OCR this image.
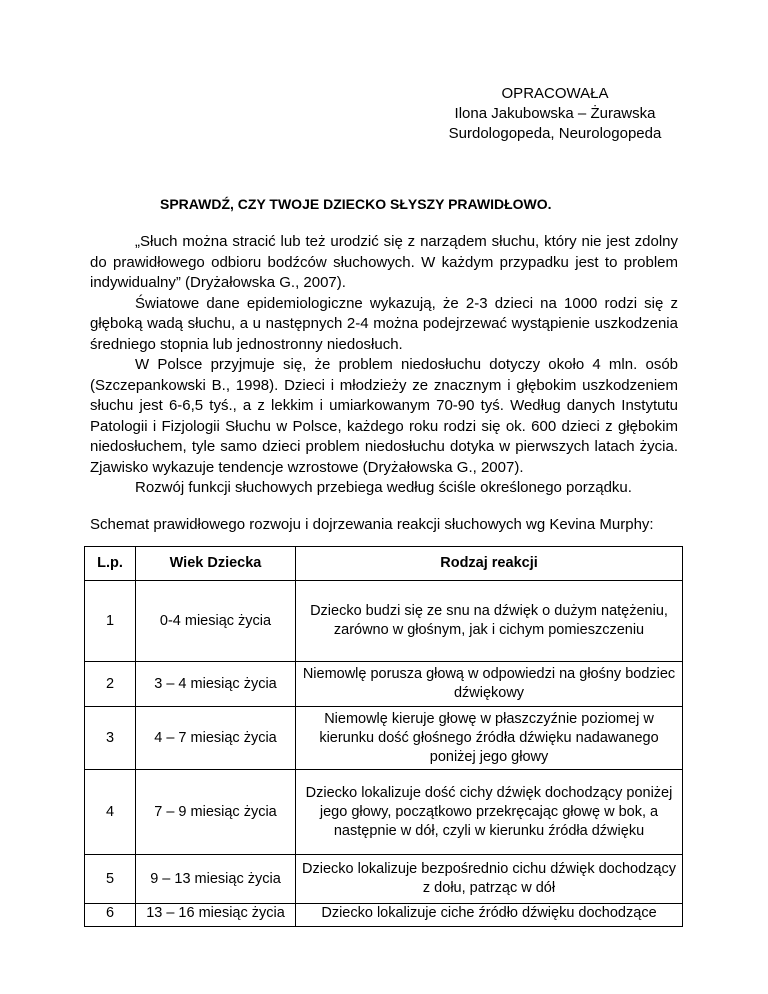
OPRACOWAŁA
Ilona Jakubowska – Żurawska
Surdologopeda, Neurologopeda
SPRAWDŹ, CZY TWOJE DZIECKO SŁYSZY PRAWIDŁOWO.

„Słuch można stracić lub też urodzić się z narządem słuchu, który nie jest zdolny do prawidłowego odbioru bodźców słuchowych. W każdym przypadku jest to problem indywidualny” (Dryżałowska G., 2007).

Światowe dane epidemiologiczne wykazują, że 2-3 dzieci na 1000 rodzi się z głęboką wadą słuchu, a u następnych 2-4 można podejrzewać wystąpienie uszkodzenia średniego stopnia lub jednostronny niedosłuch.

W Polsce przyjmuje się, że problem niedosłuchu dotyczy około 4 mln. osób (Szczepankowski B., 1998). Dzieci i młodzieży ze znacznym i głębokim uszkodzeniem słuchu jest 6-6,5 tyś., a z lekkim i umiarkowanym 70-90 tyś. Według danych Instytutu Patologii i Fizjologii Słuchu w Polsce, każdego roku rodzi się ok. 600 dzieci z głębokim niedosłuchem, tyle samo dzieci problem niedosłuchu dotyka w pierwszych latach życia. Zjawisko wykazuje tendencje wzrostowe (Dryżałowska G., 2007).

Rozwój funkcji słuchowych przebiega według ściśle określonego porządku.

Schemat prawidłowego rozwoju i dojrzewania reakcji słuchowych wg Kevina Murphy:
L.p.	Wiek Dziecka	Rodzaj reakcji
1	0-4 miesiąc życia	Dziecko budzi się ze snu na dźwięk o dużym natężeniu, zarówno w głośnym, jak i cichym pomieszczeniu
2	3 – 4 miesiąc życia	Niemowlę porusza głową w odpowiedzi na głośny bodziec dźwiękowy
3	4 – 7 miesiąc życia	Niemowlę kieruje głowę w płaszczyźnie poziomej w kierunku dość głośnego źródła dźwięku nadawanego poniżej jego głowy
4	7 – 9 miesiąc życia	Dziecko lokalizuje dość cichy dźwięk dochodzący poniżej jego głowy, początkowo przekręcając głowę w bok, a następnie w dół, czyli w kierunku źródła dźwięku
5	9 – 13 miesiąc życia	Dziecko lokalizuje bezpośrednio cichu dźwięk dochodzący z dołu, patrząc w dół
6	13 – 16 miesiąc życia	Dziecko lokalizuje ciche źródło dźwięku dochodzące
